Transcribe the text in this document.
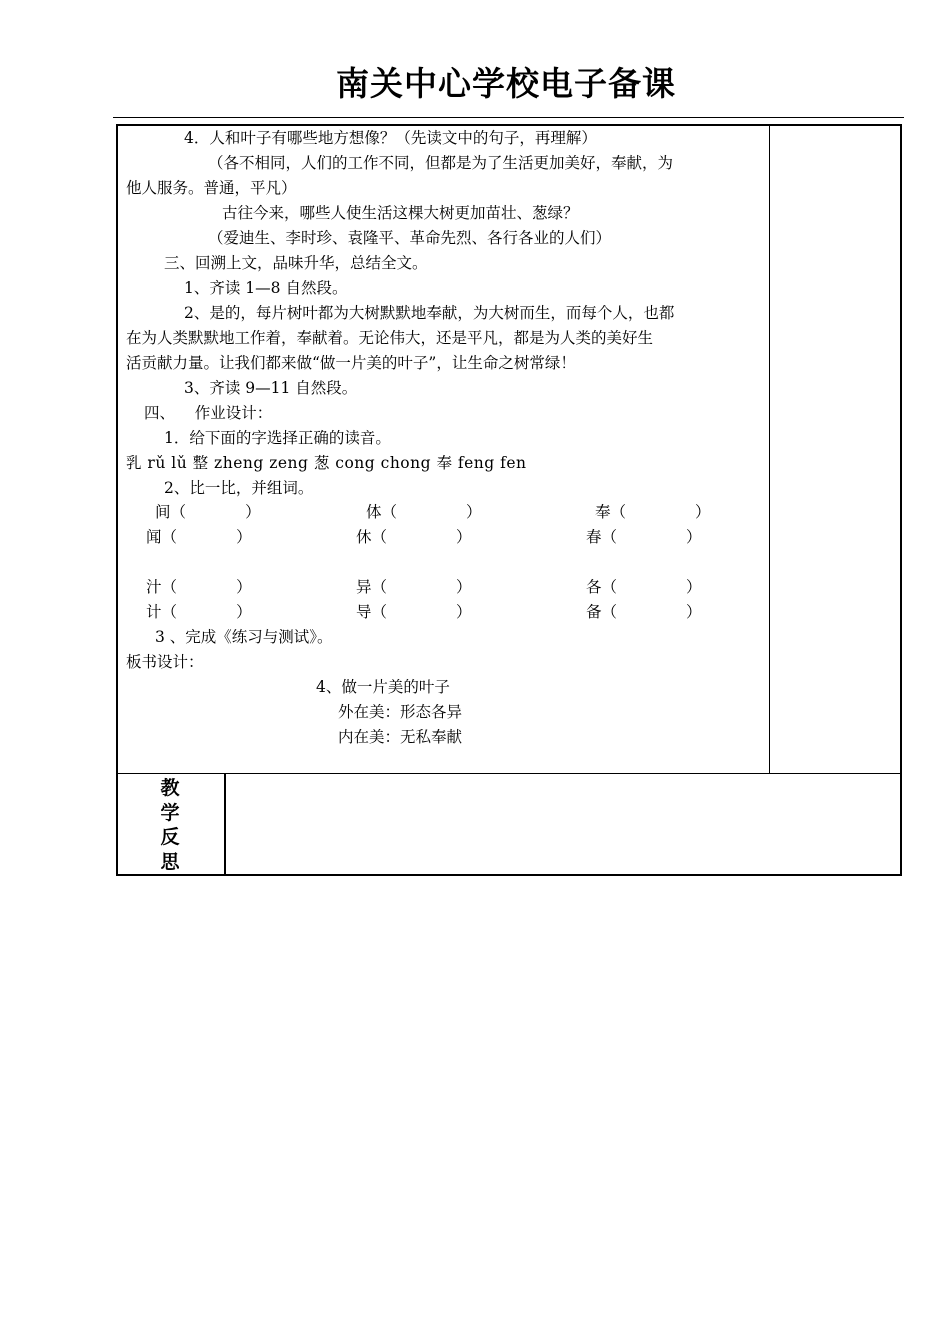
南关中心学校电子备课
4．人和叶子有哪些地方想像？（先读文中的句子，再理解）
（各不相同，人们的工作不同，但都是为了生活更加美好，奉献，为
他人服务。普通，平凡）
古往今来，哪些人使生活这棵大树更加苗壮、葱绿？
（爱迪生、李时珍、袁隆平、革命先烈、各行各业的人们）
三、回溯上文，品味升华，总结全文。
1、齐读 1—8 自然段。
2、是的，每片树叶都为大树默默地奉献，为大树而生，而每个人，也都
在为人类默默地工作着，奉献着。无论伟大，还是平凡，都是为人类的美好生
活贡献力量。让我们都来做“做一片美的叶子”，让生命之树常绿！
3、齐读 9—11 自然段。
四、    作业设计：
1．给下面的字选择正确的读音。
乳 rǔ lǔ 整 zheng zeng 葱 cong chong 奉 feng fen
2、比一比，并组词。
间（            ）	体（              ）	奉（              ）
闻（            ）	休（              ）	春（              ）
汁（            ）	异（              ）	各（              ）
计（            ）	导（              ）	备（              ）
3 、完成《练习与测试》。
板书设计：
4、做一片美的叶子
外在美：形态各异
内在美：无私奉献
教
学
反
思
